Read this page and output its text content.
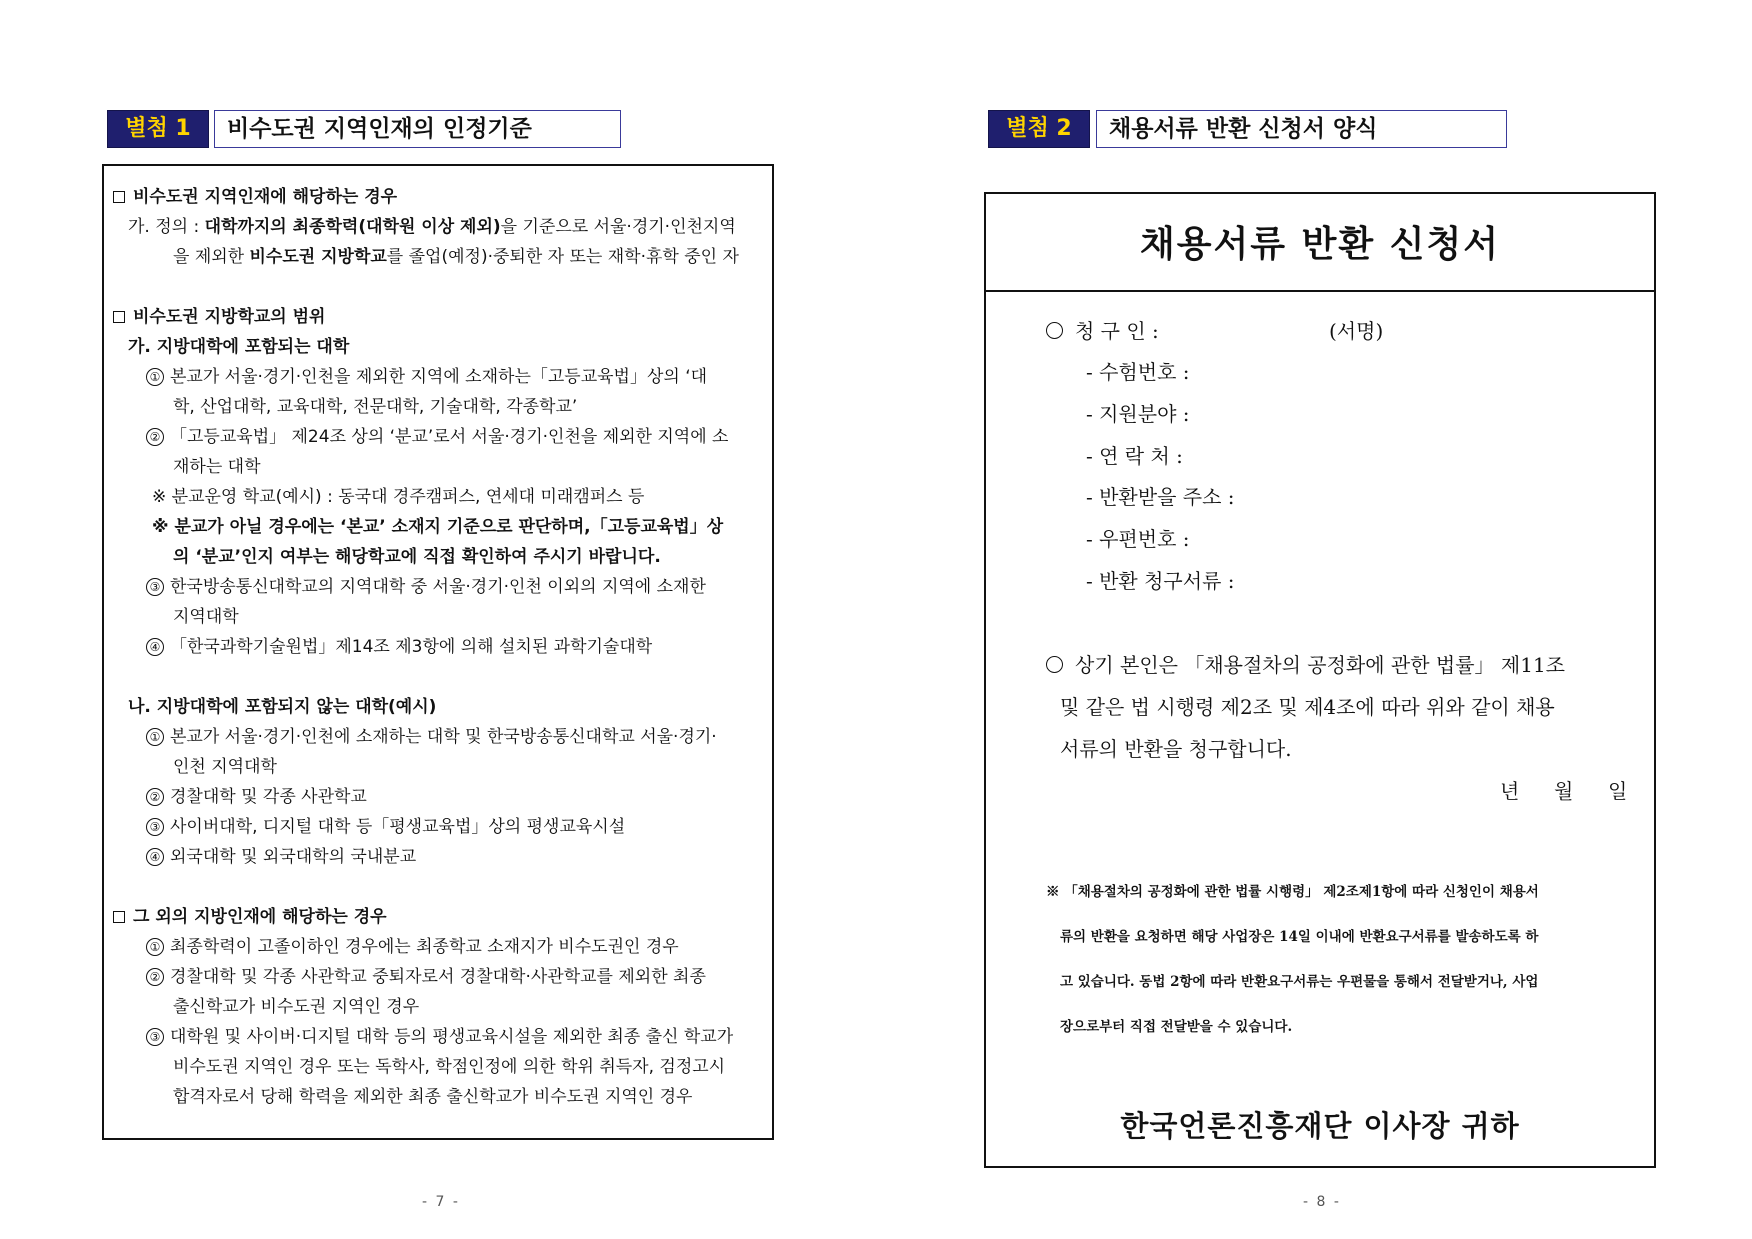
별첨 1	비수도권 지역인재의 인정기준
비수도권 지역인재에 해당하는 경우
가. 정의 : 대학까지의 최종학력(대학원 이상 제외)을 기준으로 서울·경기·인천지역
을 제외한 비수도권 지방학교를 졸업(예정)·중퇴한 자 또는 재학·휴학 중인 자
비수도권 지방학교의 범위
가. 지방대학에 포함되는 대학
① 본교가 서울·경기·인천을 제외한 지역에 소재하는「고등교육법」상의 ‘대
학, 산업대학, 교육대학, 전문대학, 기술대학, 각종학교’
② 「고등교육법」 제24조 상의 ‘분교’로서 서울·경기·인천을 제외한 지역에 소
재하는 대학
※ 분교운영 학교(예시) : 동국대 경주캠퍼스, 연세대 미래캠퍼스 등
※ 분교가 아닐 경우에는 ‘본교’ 소재지 기준으로 판단하며,「고등교육법」상
의 ‘분교’인지 여부는 해당학교에 직접 확인하여 주시기 바랍니다.
③ 한국방송통신대학교의 지역대학 중 서울·경기·인천 이외의 지역에 소재한
지역대학
④ 「한국과학기술원법」제14조 제3항에 의해 설치된 과학기술대학
나. 지방대학에 포함되지 않는 대학(예시)
① 본교가 서울·경기·인천에 소재하는 대학 및 한국방송통신대학교 서울·경기·
인천 지역대학
② 경찰대학 및 각종 사관학교
③ 사이버대학, 디지털 대학 등「평생교육법」상의 평생교육시설
④ 외국대학 및 외국대학의 국내분교
그 외의 지방인재에 해당하는 경우
① 최종학력이 고졸이하인 경우에는 최종학교 소재지가 비수도권인 경우
② 경찰대학 및 각종 사관학교 중퇴자로서 경찰대학·사관학교를 제외한 최종
출신학교가 비수도권 지역인 경우
③ 대학원 및 사이버·디지털 대학 등의 평생교육시설을 제외한 최종 출신 학교가
비수도권 지역인 경우 또는 독학사, 학점인정에 의한 학위 취득자, 검정고시
합격자로서 당해 학력을 제외한 최종 출신학교가 비수도권 지역인 경우
- 7 -
별첨 2	채용서류 반환 신청서 양식
채용서류 반환 신청서
청 구 인 :	(서명)
- 수험번호 :
- 지원분야 :
- 연 락 처 :
- 반환받을 주소 :
- 우편번호 :
- 반환 청구서류 :
상기 본인은 「채용절차의 공정화에 관한 법률」 제11조
및 같은 법 시행령 제2조 및 제4조에 따라 위와 같이 채용
서류의 반환을 청구합니다.
년 월 일
※ 「채용절차의 공정화에 관한 법률 시행령」 제2조제1항에 따라 신청인이 채용서
류의 반환을 요청하면 해당 사업장은 14일 이내에 반환요구서류를 발송하도록 하
고 있습니다. 동법 2항에 따라 반환요구서류는 우편물을 통해서 전달받거나, 사업
장으로부터 직접 전달받을 수 있습니다.
한국언론진흥재단 이사장 귀하
- 8 -
